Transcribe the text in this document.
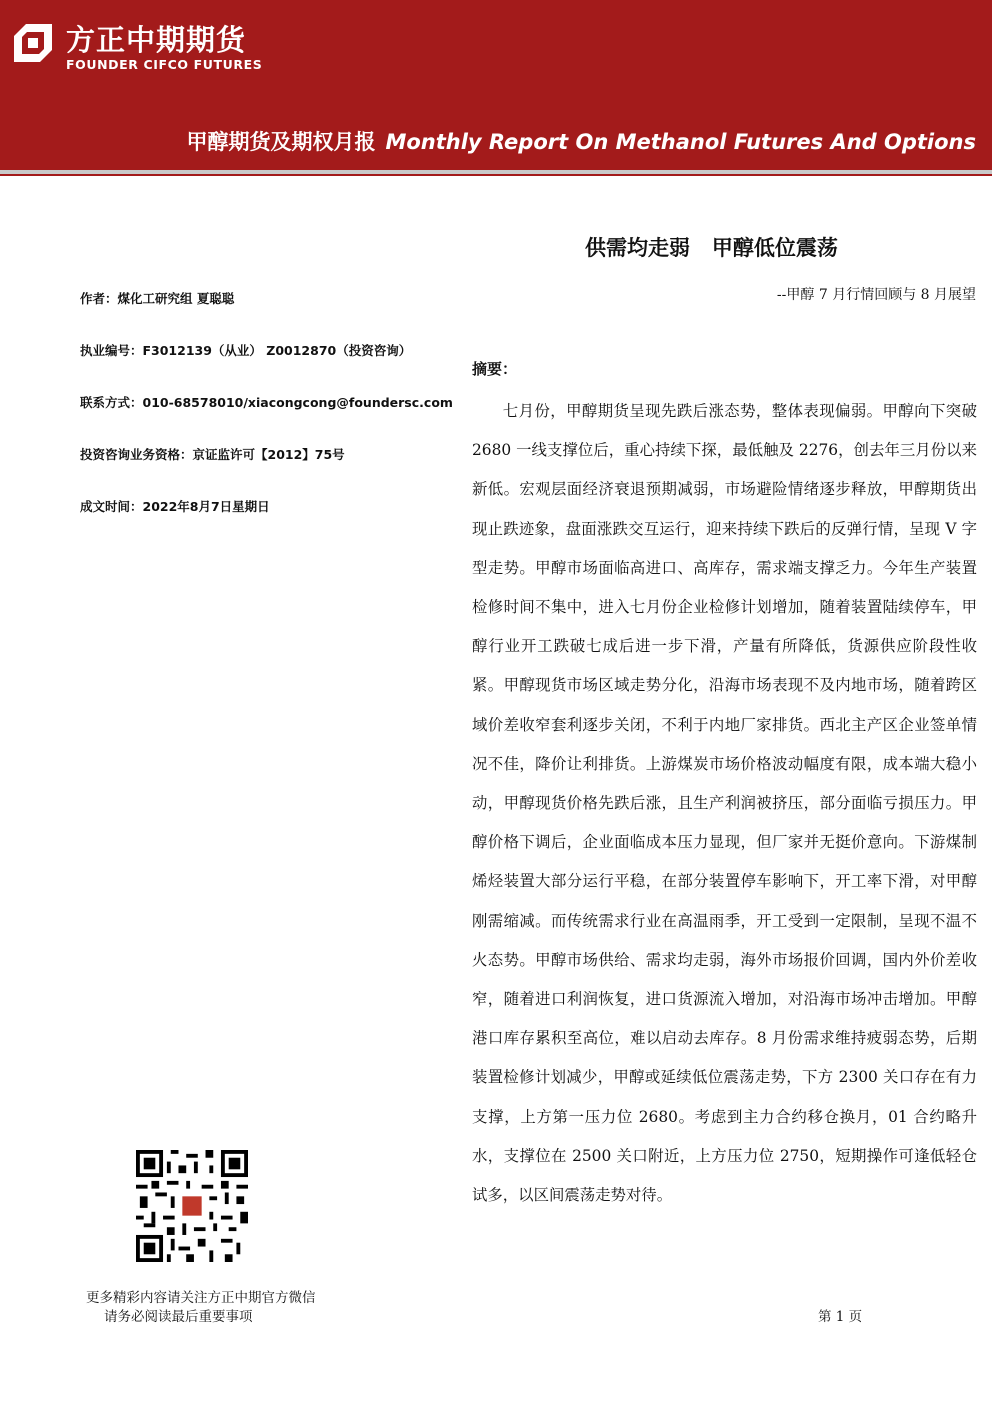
方正中期期货
FOUNDER CIFCO FUTURES
甲醇期货及期权月报 Monthly Report On Methanol Futures And Options
供需均走弱   甲醇低位震荡
--甲醇 7 月行情回顾与 8 月展望
作者：煤化工研究组 夏聪聪
执业编号：F3012139（从业） Z0012870（投资咨询）
联系方式：010-68578010/xiacongcong@foundersc.com
投资咨询业务资格：京证监许可【2012】75号
成文时间：2022年8月7日星期日
摘要：
七月份，甲醇期货呈现先跌后涨态势，整体表现偏弱。甲醇向下突破 2680 一线支撑位后，重心持续下探，最低触及 2276，创去年三月份以来新低。宏观层面经济衰退预期减弱，市场避险情绪逐步释放，甲醇期货出现止跌迹象，盘面涨跌交互运行，迎来持续下跌后的反弹行情，呈现 V 字型走势。甲醇市场面临高进口、高库存，需求端支撑乏力。今年生产装置检修时间不集中，进入七月份企业检修计划增加，随着装置陆续停车，甲醇行业开工跌破七成后进一步下滑，产量有所降低，货源供应阶段性收紧。甲醇现货市场区域走势分化，沿海市场表现不及内地市场，随着跨区域价差收窄套利逐步关闭，不利于内地厂家排货。西北主产区企业签单情况不佳，降价让利排货。上游煤炭市场价格波动幅度有限，成本端大稳小动，甲醇现货价格先跌后涨，且生产利润被挤压，部分面临亏损压力。甲醇价格下调后，企业面临成本压力显现，但厂家并无挺价意向。下游煤制烯烃装置大部分运行平稳，在部分装置停车影响下，开工率下滑，对甲醇刚需缩减。而传统需求行业在高温雨季，开工受到一定限制，呈现不温不火态势。甲醇市场供给、需求均走弱，海外市场报价回调，国内外价差收窄，随着进口利润恢复，进口货源流入增加，对沿海市场冲击增加。甲醇港口库存累积至高位，难以启动去库存。8 月份需求维持疲弱态势，后期装置检修计划减少，甲醇或延续低位震荡走势，下方 2300 关口存在有力支撑，上方第一压力位 2680。考虑到主力合约移仓换月，01 合约略升水，支撑位在 2500 关口附近，上方压力位 2750，短期操作可逢低轻仓试多，以区间震荡走势对待。
更多精彩内容请关注方正中期官方微信
请务必阅读最后重要事项	第 1 页
